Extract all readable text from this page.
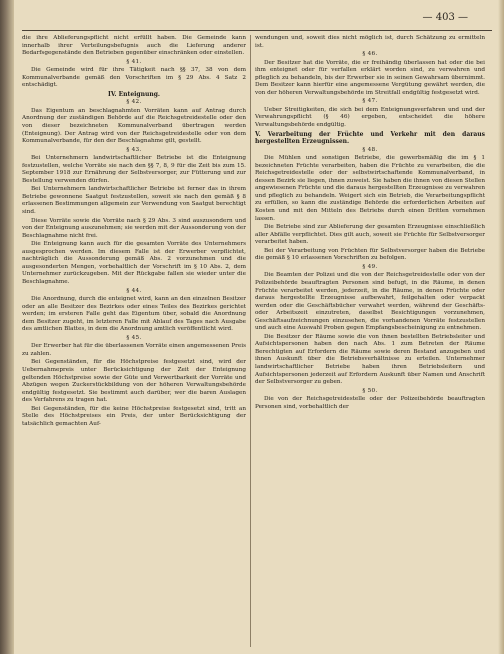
— 403 —

die ihre Ablieferungspflicht nicht erfüllt haben. Die Gemeinde kann innerhalb ihrer Verteilungsbefugnis auch die Lieferung anderer Bedarfsgegenstände den Betrieben gegenüber einschränken oder einstellen.

§ 41.

Die Gemeinde wird für ihre Tätigkeit nach §§ 37, 38 von dem Kommunalverbande gemäß den Vorschriften im § 29 Abs. 4 Satz 2 entschädigt.

IV. Enteignung.

§ 42.

Das Eigentum an beschlagnahmten Vorräten kann auf Antrag durch Anordnung der zuständigen Behörde auf die Reichsgetreidestelle oder den von dieser bezeichneten Kommunalverband übertragen werden (Enteignung). Der Antrag wird von der Reichsgetreidestelle oder von dem Kommunalverbande, für den der Beschlagnahme gilt, gestellt.

§ 43.

Bei Unternehmern landwirtschaftlicher Betriebe ist die Enteignung festzustellen, welche Vorräte sie nach den §§ 7, 8, 9 für die Zeit bis zum 15. September 1918 zur Ernährung der Selbstversorger, zur Fütterung und zur Bestellung verwenden dürfen.

Bei Unternehmern landwirtschaftlicher Betriebe ist ferner das in ihrem Betriebe gewonnene Saatgut festzustellen, soweit sie nach den gemäß § 8 erlassenen Bestimmungen allgemein zur Verwendung von Saatgut berechtigt sind.

Diese Vorräte sowie die Vorräte nach § 29 Abs. 3 sind auszusondern und von der Enteignung auszunehmen; sie werden mit der Aussonderung von der Beschlagnahme nicht frei.

Die Enteignung kann auch für die gesamten Vorräte des Unternehmers ausgesprochen werden. Im diesem Falle ist der Erwerber verpflichtet, nachträglich die Aussonderung gemäß Abs. 2 vorzunehmen und die ausgesonderten Mengen, vorbehaltlich der Vorschrift im § 10 Abs. 2, dem Unternehmer zurückzugeben. Mit der Rückgabe fallen sie wieder unter die Beschlagnahme.

§ 44.

Die Anordnung, durch die enteignet wird, kann an den einzelnen Besitzer oder an alle Besitzer des Bezirkes oder eines Teiles des Bezirkes gerichtet werden; im ersteren Falle geht das Eigentum über, sobald die Anordnung dem Besitzer zugeht, im letzteren Falle mit Ablauf des Tages nach Ausgabe des amtlichen Blattes, in dem die Anordnung amtlich veröffentlicht wird.

§ 45.

Der Erwerber hat für die überlassenen Vorräte einen angemessenen Preis zu zahlen.

Bei Gegenständen, für die Höchstpreise festgesetzt sind, wird der Uebernahmepreis unter Berücksichtigung der Zeit der Enteignung geltenden Höchstpreise sowie der Güte und Verwertbarkeit der Vorräte und Abzügen wegen Zuckerstückbildung von der höheren Verwaltungsbehörde endgültig festgesetzt. Sie bestimmt auch darüber, wer die baren Auslagen des Verfahrens zu tragen hat.

Bei Gegenständen, für die keine Höchstpreise festgesetzt sind, tritt an Stelle des Höchstpreises ein Preis, der unter Berücksichtigung der tatsächlich gemachten Auf-

wendungen und, soweit dies nicht möglich ist, durch Schätzung zu ermitteln ist.

§ 46.

Der Besitzer hat die Vorräte, die er freihändig überlassen hat oder die bei ihm enteignet oder für verfallen erklärt worden sind, zu verwahren und pfleglich zu behandeln, bis der Erwerber sie in seinen Gewahrsam übernimmt. Dem Besitzer kann hierfür eine angemessene Vergütung gewährt werden, die von der höheren Verwaltungsbehörde im Streitfall endgültig festgesetzt wird.

§ 47.

Ueber Streitigkeiten, die sich bei dem Enteignungsverfahren und und der Verwahrungspflicht (§ 46) ergeben, entscheidet die höhere Verwaltungsbehörde endgültig.

V. Verarbeitung der Früchte und Verkehr mit den daraus hergestellten Erzeugnissen.

§ 48.

Die Mühlen und sonstigen Betriebe, die gewerbsmäßig die im § 1 bezeichneten Früchte verarbeiten, haben die Früchte zu verarbeiten, die die Reichsgetreidestelle oder der selbstwirtschaftende Kommunalverband, in dessen Bezirk sie liegen, ihnen zuweist. Sie haben die ihnen von diesen Stellen angewiesenen Früchte und die daraus hergestellten Erzeugnisse zu verwahren und pfleglich zu behandeln. Weigert sich ein Betrieb, die Verarbeitungspflicht zu erfüllen, so kann die zuständige Behörde die erforderlichen Arbeiten auf Kosten und mit den Mitteln des Betriebs durch einen Dritten vornehmen lassen.

Die Betriebe sind zur Ablieferung der gesamten Erzeugnisse einschließlich aller Abfälle verpflichtet. Dies gilt auch, soweit sie Früchte für Selbstversorger verarbeitet haben.

Bei der Verarbeitung von Früchten für Selbstversorger haben die Betriebe die gemäß § 10 erlassenen Vorschriften zu befolgen.

§ 49.

Die Beamten der Polizei und die von der Reichsgetreidestelle oder von der Polizeibehörde beauftragten Personen sind befugt, in die Räume, in denen Früchte verarbeitet werden, jederzeit, in die Räume, in denen Früchte oder daraus hergestellte Erzeugnisse aufbewahrt, feilgehalten oder verpackt werden oder die Geschäftsbücher verwahrt werden, während der Geschäfts- oder Arbeitszeit einzutreten, daselbst Besichtigungen vorzunehmen, Geschäftsaufzeichnungen einzusehen, die vorhandenen Vorräte festzustellen und auch eine Auswahl Proben gegen Empfangsbescheinigung zu entnehmen.

Die Besitzer der Räume sowie die von ihnen bestellten Betriebsleiter und Aufsichtspersonen haben den nach Abs. 1 zum Betreten der Räume Berechtigten auf Erfordern die Räume sowie deren Bestand anzugeben und ihnen Auskunft über die Betriebsverhältnisse zu erteilen. Unternehmer landwirtschaftlicher Betriebe haben ihren Betriebsleitern und Aufsichtspersonen jederzeit auf Erfordern Auskunft über Namen und Anschrift der Selbstversorger zu geben.

§ 50.

Die von der Reichsgetreidestelle oder der Polizeibehörde beauftragten Personen sind, vorbehaltlich der
